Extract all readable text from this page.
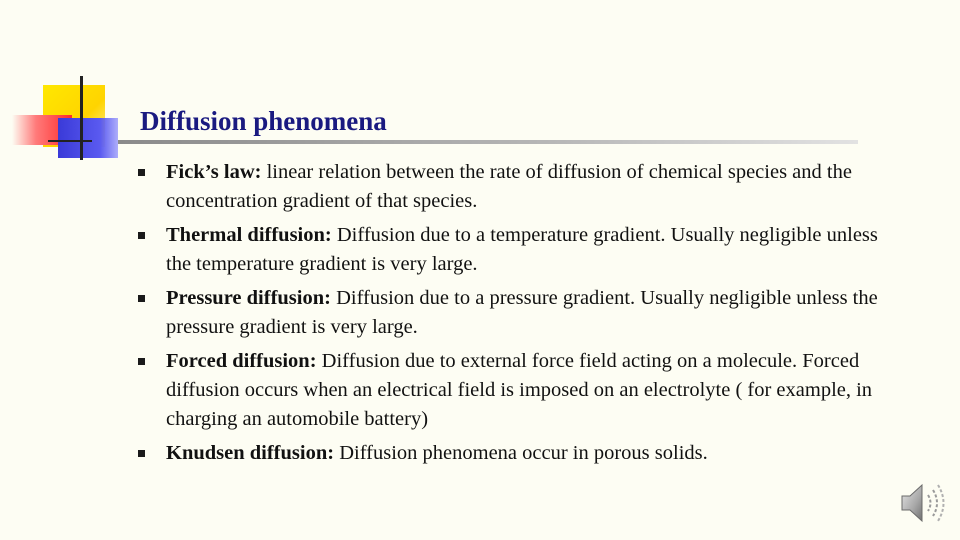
Diffusion phenomena
Fick’s law: linear relation between the rate of diffusion of chemical species and the concentration gradient of that species.
Thermal diffusion: Diffusion due to a temperature gradient. Usually negligible unless the temperature gradient is very large.
Pressure diffusion: Diffusion due to a pressure gradient. Usually negligible unless the pressure gradient is very large.
Forced diffusion: Diffusion due to external force field acting on a molecule. Forced diffusion occurs when an electrical field is imposed on an electrolyte ( for example, in charging an automobile battery)
Knudsen diffusion: Diffusion phenomena occur in porous solids.
